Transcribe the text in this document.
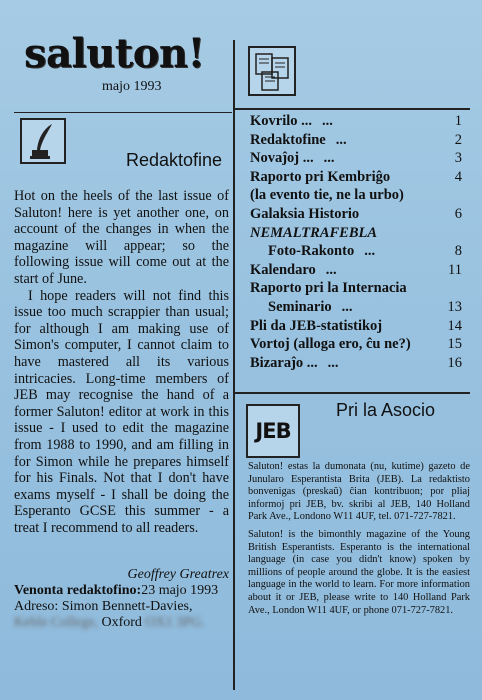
saluton!
majo 1993
Redaktofine

Hot on the heels of the last issue of Saluton! here is yet another one, on account of the changes in when the magazine will appear; so the following issue will come out at the start of June.

I hope readers will not find this issue too much scrappier than usual; for although I am making use of Simon's computer, I cannot claim to have mastered all its various intricacies. Long-time members of JEB may recognise the hand of a former Saluton! editor at work in this issue - I used to edit the magazine from 1988 to 1990, and am filling in for Simon while he prepares himself for his Finals. Not that I don't have exams myself - I shall be doing the Esperanto GCSE this summer - a treat I recommend to all readers.

Geoffrey Greatrex
Venonta redaktofino:23 majo 1993
Adreso: Simon Bennett-Davies,
Keble College, Oxford OX1 3PG.
Kovrilo ... ...	1
Redaktofine ...	2
Novaĵoj ... ...	3
Raporto pri Kembriĝo	4
(la evento tie, ne la urbo)
Galaksia Historio	6
NEMALTRAFEBLA
Foto-Rakonto ...	8
Kalendaro ...	11
Raporto pri la Internacia
Seminario ...	13
Pli da JEB-statistikoj	14
Vortoj (alloga ero, ĉu ne?)	15
Bizaraĵo ... ...	16
JEB
Pri la Asocio
Saluton! estas la dumonata (nu, kutime) gazeto de Junularo Esperantista Brita (JEB). La redaktisto bonvenigas (preskaŭ) ĉian kontribuon; por pliaj informoj pri JEB, bv. skribi al JEB, 140 Holland Park Ave., Londono W11 4UF, tel. 071-727-7821.
Saluton! is the bimonthly magazine of the Young British Esperantists. Esperanto is the international language (in case you didn't know) spoken by millions of people around the globe. It is the easiest language in the world to learn. For more information about it or JEB, please write to 140 Holland Park Ave., London W11 4UF, or phone 071-727-7821.
